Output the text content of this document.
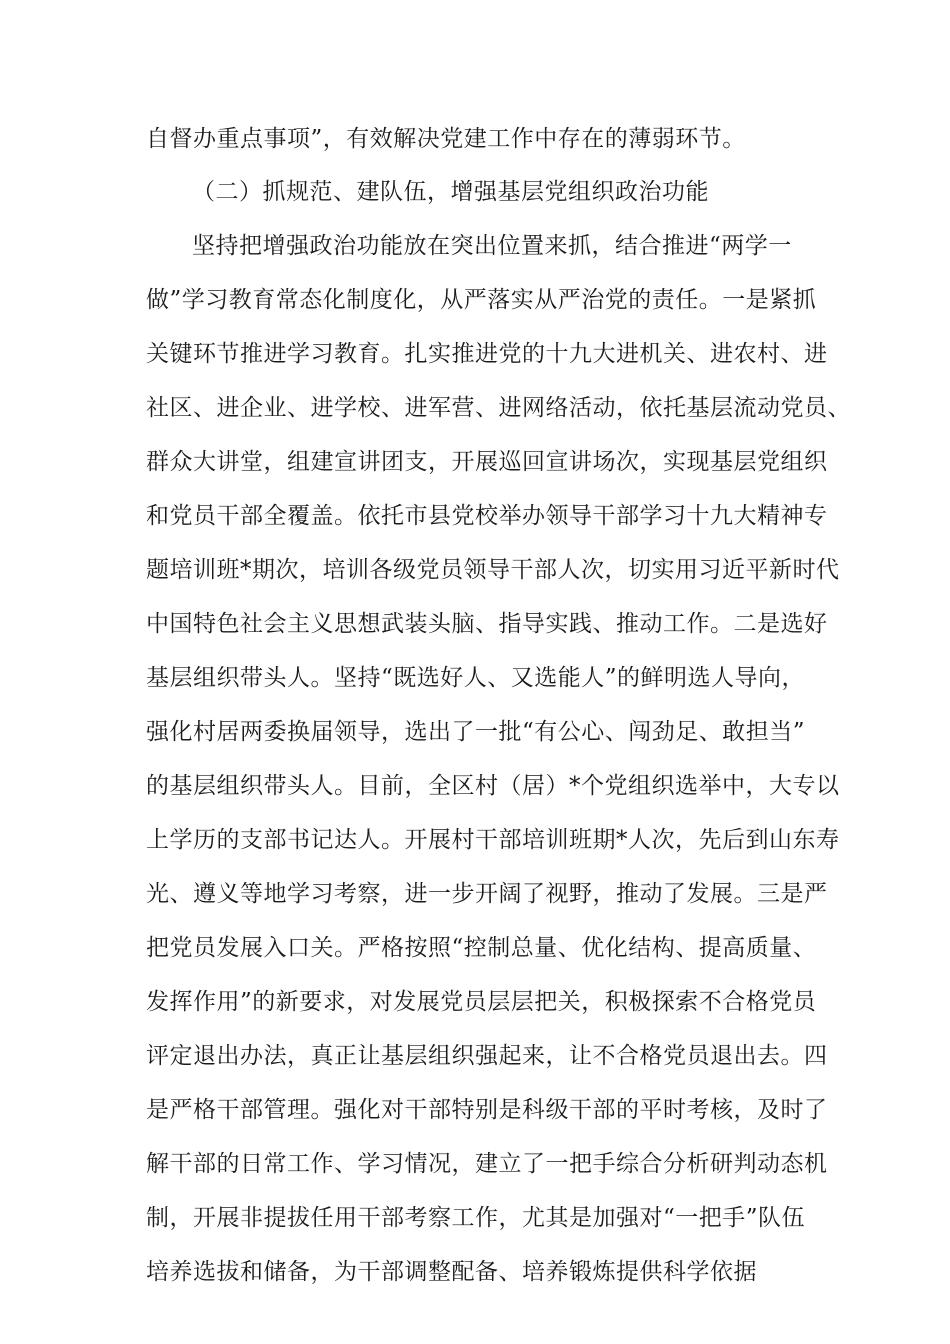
自督办重点事项”，有效解决党建工作中存在的薄弱环节。
（二）抓规范、建队伍，增强基层党组织政治功能
坚持把增强政治功能放在突出位置来抓，结合推进“两学一
做”学习教育常态化制度化，从严落实从严治党的责任。一是紧抓
关键环节推进学习教育。扎实推进党的十九大进机关、进农村、进
社区、进企业、进学校、进军营、进网络活动，依托基层流动党员、
群众大讲堂，组建宣讲团支，开展巡回宣讲场次，实现基层党组织
和党员干部全覆盖。依托市县党校举办领导干部学习十九大精神专
题培训班*期次，培训各级党员领导干部人次，切实用习近平新时代
中国特色社会主义思想武装头脑、指导实践、推动工作。二是选好
基层组织带头人。坚持“既选好人、又选能人”的鲜明选人导向，
强化村居两委换届领导，选出了一批“有公心、闯劲足、敢担当”
的基层组织带头人。目前，全区村（居）*个党组织选举中，大专以
上学历的支部书记达人。开展村干部培训班期*人次，先后到山东寿
光、遵义等地学习考察，进一步开阔了视野，推动了发展。三是严
把党员发展入口关。严格按照“控制总量、优化结构、提高质量、
发挥作用”的新要求，对发展党员层层把关，积极探索不合格党员
评定退出办法，真正让基层组织强起来，让不合格党员退出去。四
是严格干部管理。强化对干部特别是科级干部的平时考核，及时了
解干部的日常工作、学习情况，建立了一把手综合分析研判动态机
制，开展非提拔任用干部考察工作，尤其是加强对“一把手”队伍
培养选拔和储备，为干部调整配备、培养锻炼提供科学依据
